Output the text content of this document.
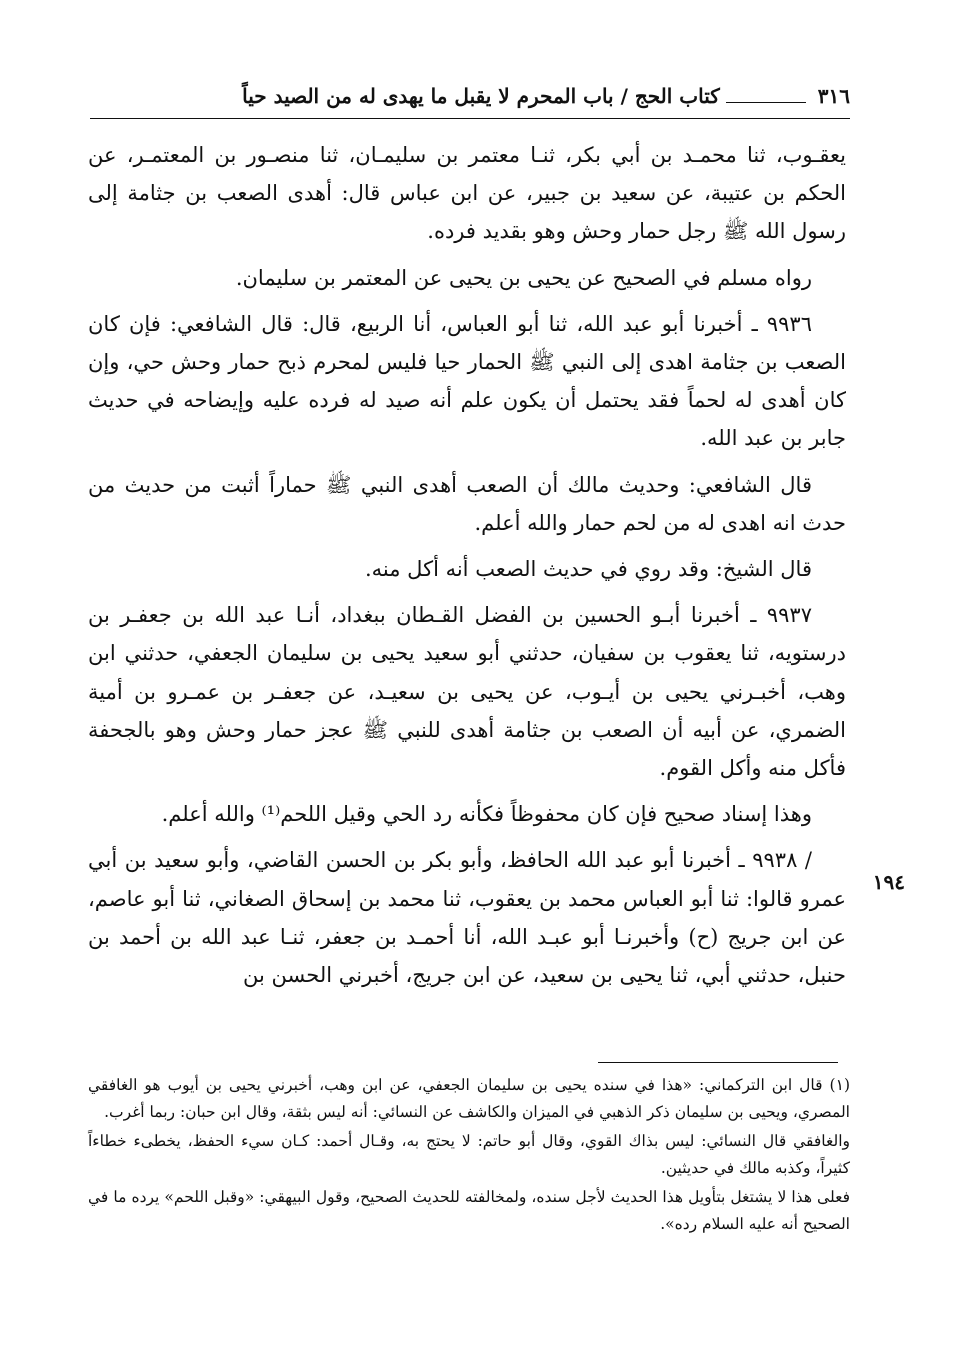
٣١٦
كتاب الحج / باب المحرم لا يقبل ما يهدى له من الصيد حياً
١٩٤

يعقـوب، ثنا محمـد بن أبي بكر، ثنـا معتمر بن سليمـان، ثنا منصـور بن المعتمـر، عن الحكم بن عتيبة، عن سعيد بن جبير، عن ابن عباس قال: أهدى الصعب بن جثامة إلى رسول الله ﷺ رجل حمار وحش وهو بقديد فرده.

رواه مسلم في الصحيح عن يحيى بن يحيى عن المعتمر بن سليمان.

٩٩٣٦ ـ أخبرنا أبو عبد الله، ثنا أبو العباس، أنا الربيع، قال: قال الشافعي: فإن كان الصعب بن جثامة اهدى إلى النبي ﷺ الحمار حيا فليس لمحرم ذبح حمار وحش حي، وإن كان أهدى له لحماً فقد يحتمل أن يكون علم أنه صيد له فرده عليه وإيضاحه في حديث جابر بن عبد الله.

قال الشافعي: وحديث مالك أن الصعب أهدى النبي ﷺ حماراً أثبت من حديث من حدث انه اهدى له من لحم حمار والله أعلم.

قال الشيخ: وقد روي في حديث الصعب أنه أكل منه.

٩٩٣٧ ـ أخبرنا أبـو الحسين بن الفضل القـطان ببغداد، أنـا عبد الله بن جعفـر بن درستويه، ثنا يعقوب بن سفيان، حدثني أبو سعيد يحيى بن سليمان الجعفي، حدثني ابن وهب، أخبـرني يحيى بن أيـوب، عن يحيى بن سعيـد، عن جعفـر بن عمـرو بن أمية الضمري، عن أبيه أن الصعب بن جثامة أهدى للنبي ﷺ عجز حمار وحش وهو بالجحفة فأكل منه وأكل القوم.

وهذا إسناد صحيح فإن كان محفوظاً فكأنه رد الحي وقيل اللحم⁽¹⁾ والله أعلم.

/ ٩٩٣٨ ـ أخبرنا أبو عبد الله الحافظ، وأبو بكر بن الحسن القاضي، وأبو سعيد بن أبي عمرو قالوا: ثنا أبو العباس محمد بن يعقوب، ثنا محمد بن إسحاق الصغاني، ثنا أبو عاصم، عن ابن جريج (ح) وأخبرنـا أبو عبـد الله، أنا أحمـد بن جعفر، ثنـا عبد الله بن أحمد بن حنبل، حدثني أبي، ثنا يحيى بن سعيد، عن ابن جريج، أخبرني الحسن بن

(١) قال ابن التركماني: «هذا في سنده يحيى بن سليمان الجعفي، عن ابن وهب، أخبرني يحيى بن أيوب هو الغافقي المصري، ويحيى بن سليمان ذكر الذهبي في الميزان والكاشف عن النسائي: أنه ليس بثقة، وقال ابن حبان: ربما أغرب.

والغافقي قال النسائي: ليس بذاك القوي، وقال أبو حاتم: لا يحتج به، وقـال أحمد: كـان سيء الحفظ، يخطىء خطاءاً كثيراً، وكذبه مالك في حديثين.

فعلى هذا لا يشتغل بتأويل هذا الحديث لأجل سنده، ولمخالفته للحديث الصحيح، وقول البيهقي: «وقبل اللحم» يرده ما في الصحيح أنه عليه السلام رده».
